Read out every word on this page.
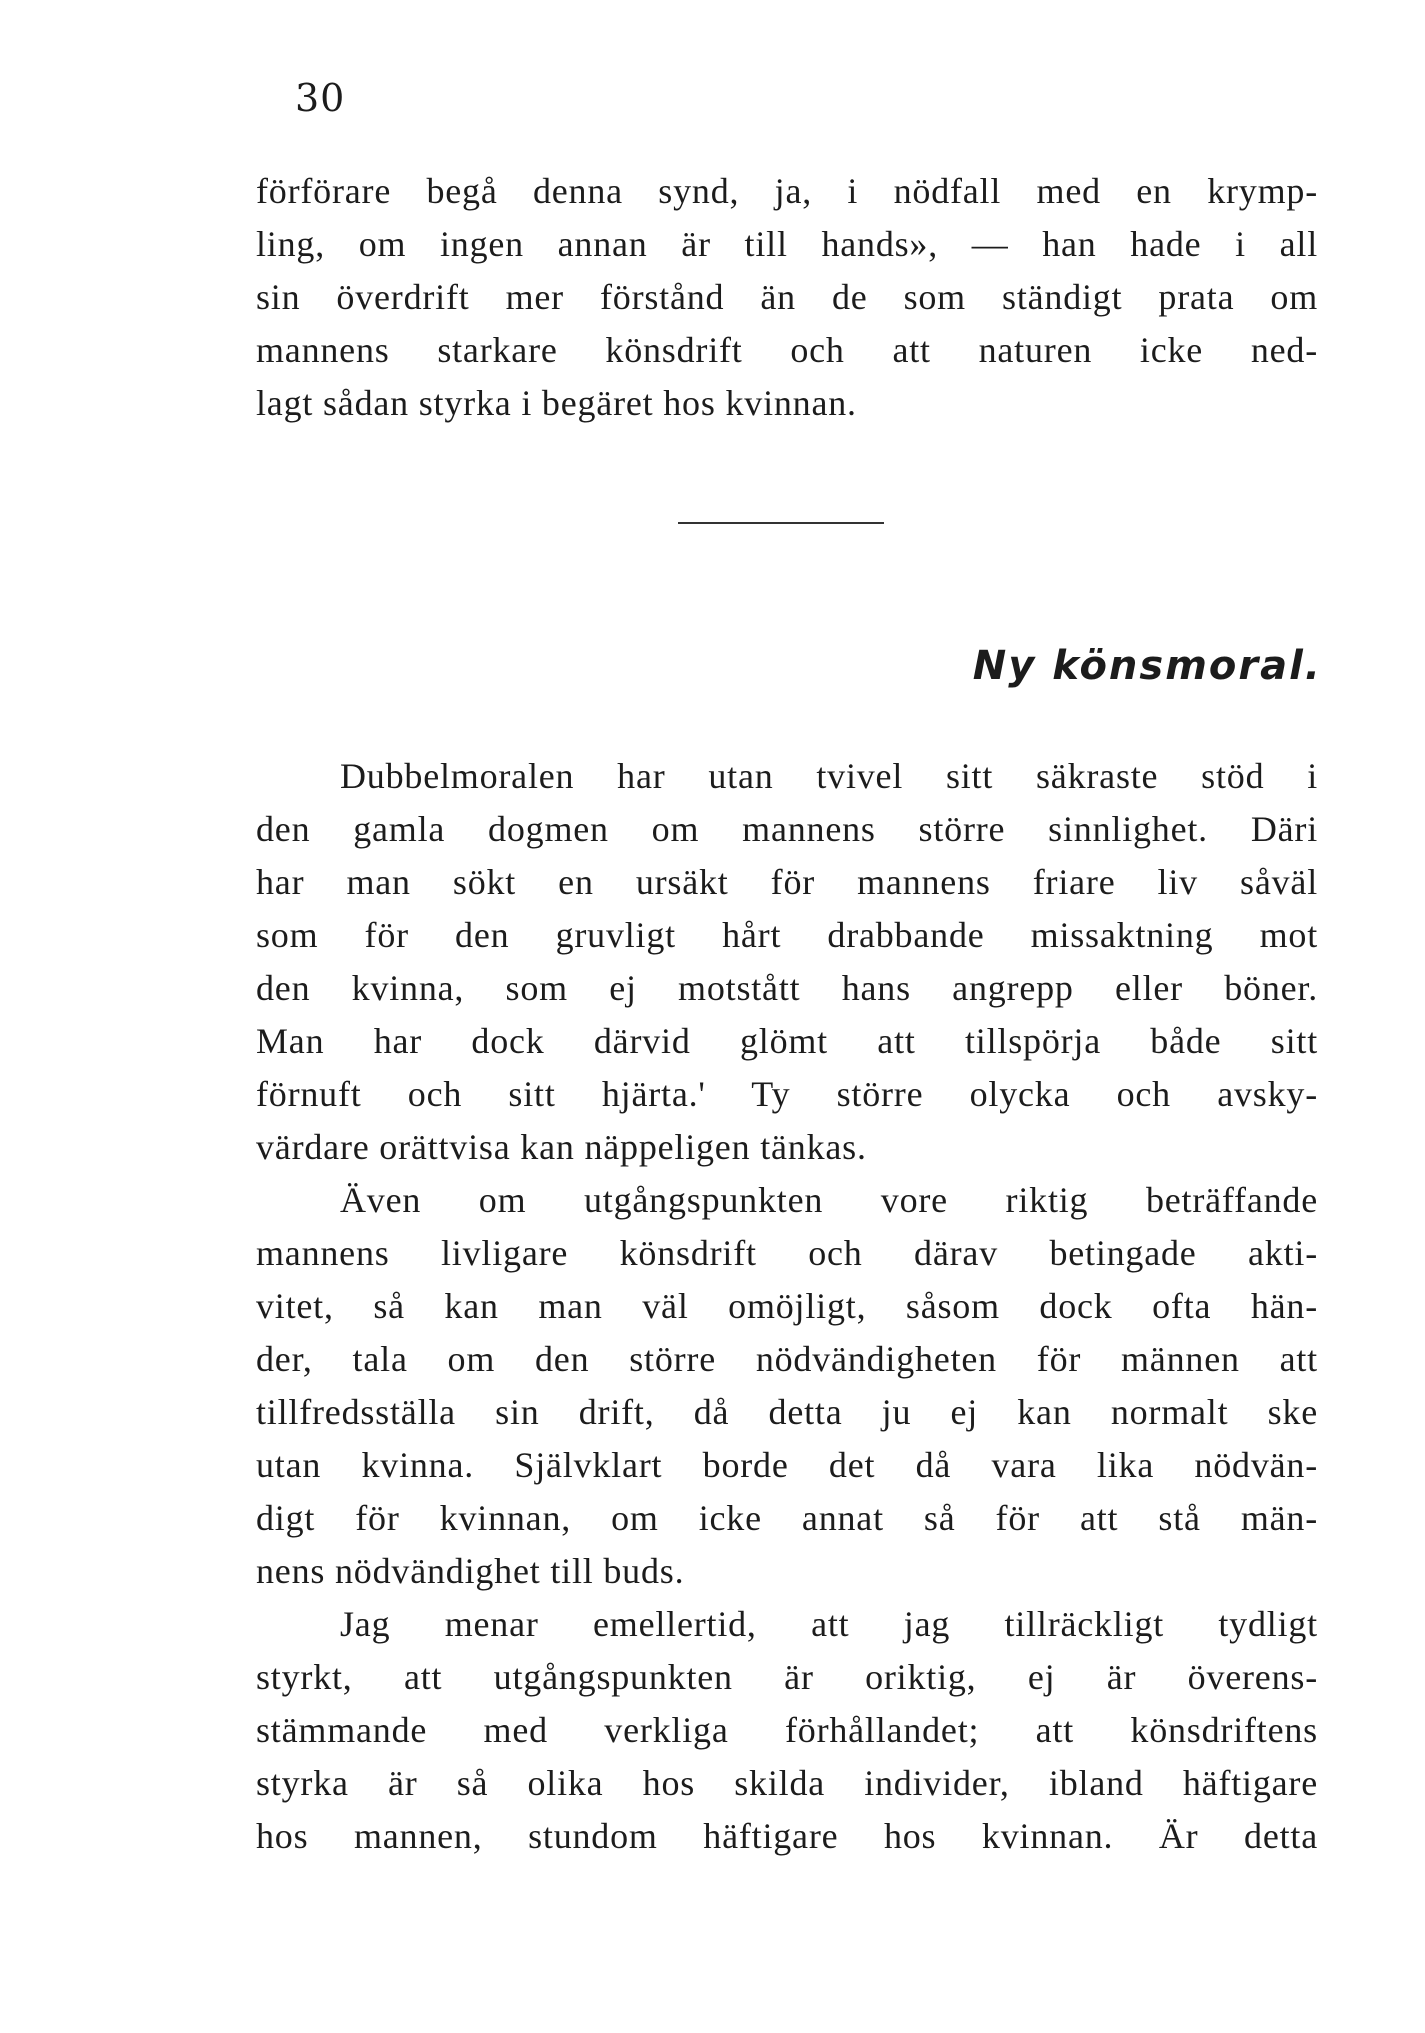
30
förförare begå denna synd, ja, i nödfall med en krymp-
ling, om ingen annan är till hands», — han hade i all
sin överdrift mer förstånd än de som ständigt prata om
mannens starkare könsdrift och att naturen icke ned-
lagt sådan styrka i begäret hos kvinnan.
Ny könsmoral.
Dubbelmoralen har utan tvivel sitt säkraste stöd i
den gamla dogmen om mannens större sinnlighet. Däri
har man sökt en ursäkt för mannens friare liv såväl
som för den gruvligt hårt drabbande missaktning mot
den kvinna, som ej motstått hans angrepp eller böner.
Man har dock därvid glömt att tillspörja både sitt
förnuft och sitt hjärta.' Ty större olycka och avsky-
värdare orättvisa kan näppeligen tänkas.
Även om utgångspunkten vore riktig beträffande
mannens livligare könsdrift och därav betingade akti-
vitet, så kan man väl omöjligt, såsom dock ofta hän-
der, tala om den större nödvändigheten för männen att
tillfredsställa sin drift, då detta ju ej kan normalt ske
utan kvinna. Självklart borde det då vara lika nödvän-
digt för kvinnan, om icke annat så för att stå män-
nens nödvändighet till buds.
Jag menar emellertid, att jag tillräckligt tydligt
styrkt, att utgångspunkten är oriktig, ej är överens-
stämmande med verkliga förhållandet; att könsdriftens
styrka är så olika hos skilda individer, ibland häftigare
hos mannen, stundom häftigare hos kvinnan. Är detta
